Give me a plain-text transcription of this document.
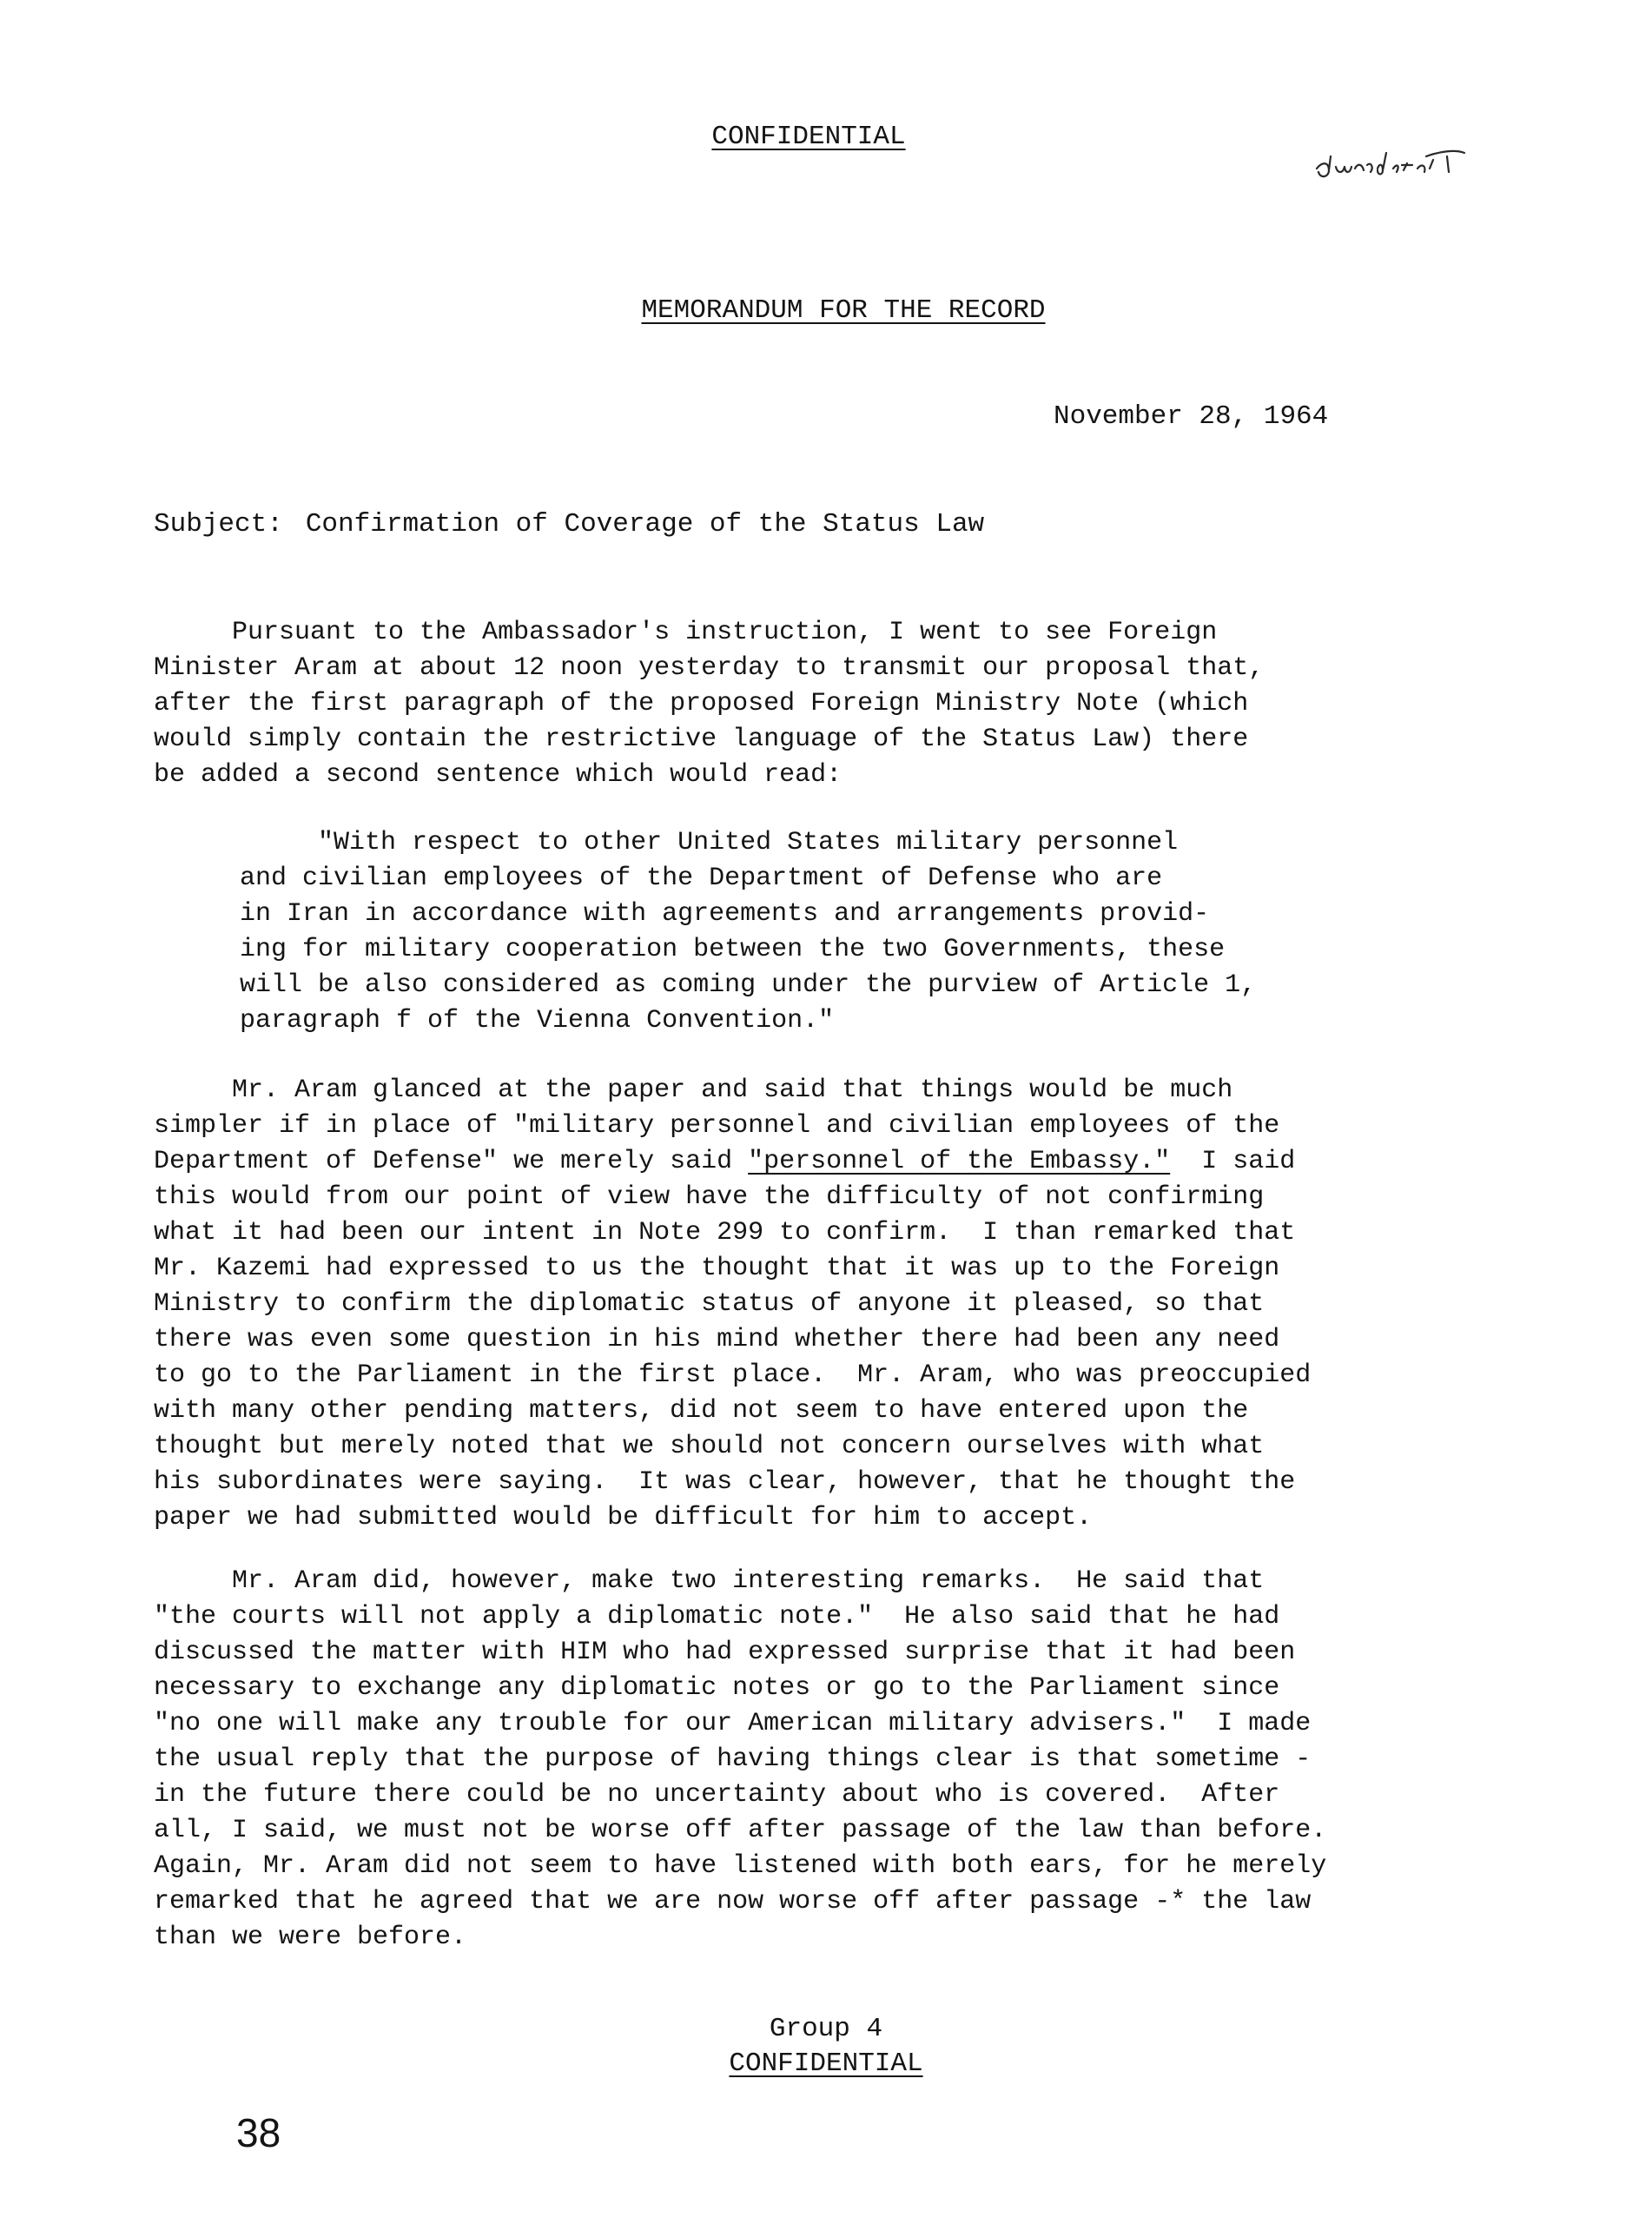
CONFIDENTIAL
MEMORANDUM FOR THE RECORD
November 28, 1964
Subject: Confirmation of Coverage of the Status Law
Pursuant to the Ambassador's instruction, I went to see Foreign
Minister Aram at about 12 noon yesterday to transmit our proposal that,
after the first paragraph of the proposed Foreign Ministry Note (which
would simply contain the restrictive language of the Status Law) there
be added a second sentence which would read:
"With respect to other United States military personnel
and civilian employees of the Department of Defense who are
in Iran in accordance with agreements and arrangements provid-
ing for military cooperation between the two Governments, these
will be also considered as coming under the purview of Article 1,
paragraph f of the Vienna Convention."
Mr. Aram glanced at the paper and said that things would be much
simpler if in place of "military personnel and civilian employees of the
Department of Defense" we merely said "personnel of the Embassy."  I said
this would from our point of view have the difficulty of not confirming
what it had been our intent in Note 299 to confirm.  I than remarked that
Mr. Kazemi had expressed to us the thought that it was up to the Foreign
Ministry to confirm the diplomatic status of anyone it pleased, so that
there was even some question in his mind whether there had been any need
to go to the Parliament in the first place.  Mr. Aram, who was preoccupied
with many other pending matters, did not seem to have entered upon the
thought but merely noted that we should not concern ourselves with what
his subordinates were saying.  It was clear, however, that he thought the
paper we had submitted would be difficult for him to accept.
Mr. Aram did, however, make two interesting remarks.  He said that
"the courts will not apply a diplomatic note."  He also said that he had
discussed the matter with HIM who had expressed surprise that it had been
necessary to exchange any diplomatic notes or go to the Parliament since
"no one will make any trouble for our American military advisers."  I made
the usual reply that the purpose of having things clear is that sometime -
in the future there could be no uncertainty about who is covered.  After
all, I said, we must not be worse off after passage of the law than before.
Again, Mr. Aram did not seem to have listened with both ears, for he merely
remarked that he agreed that we are now worse off after passage -* the law
than we were before.
Group 4
CONFIDENTIAL
38
